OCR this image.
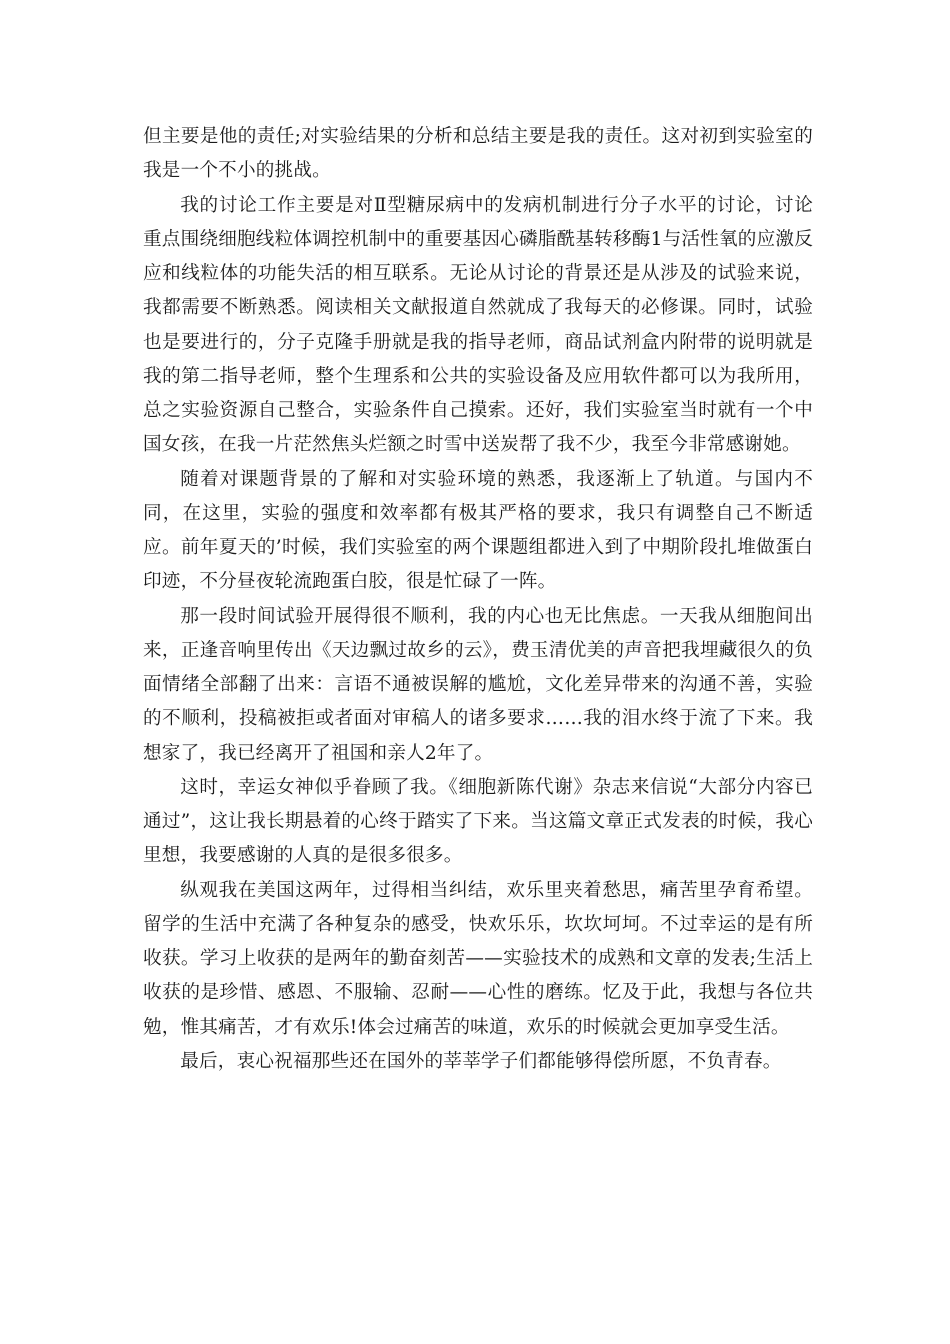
但主要是他的责任;对实验结果的分析和总结主要是我的责任。这对初到实验室的我是一个不小的挑战。

我的讨论工作主要是对Ⅱ型糖尿病中的发病机制进行分子水平的讨论，讨论重点围绕细胞线粒体调控机制中的重要基因心磷脂酰基转移酶1与活性氧的应激反应和线粒体的功能失活的相互联系。无论从讨论的背景还是从涉及的试验来说，我都需要不断熟悉。阅读相关文献报道自然就成了我每天的必修课。同时，试验也是要进行的，分子克隆手册就是我的指导老师，商品试剂盒内附带的说明就是我的第二指导老师，整个生理系和公共的实验设备及应用软件都可以为我所用，总之实验资源自己整合，实验条件自己摸索。还好，我们实验室当时就有一个中国女孩，在我一片茫然焦头烂额之时雪中送炭帮了我不少，我至今非常感谢她。

随着对课题背景的了解和对实验环境的熟悉，我逐渐上了轨道。与国内不同，在这里，实验的强度和效率都有极其严格的要求，我只有调整自己不断适应。前年夏天的’时候，我们实验室的两个课题组都进入到了中期阶段扎堆做蛋白印迹，不分昼夜轮流跑蛋白胶，很是忙碌了一阵。

那一段时间试验开展得很不顺利，我的内心也无比焦虑。一天我从细胞间出来，正逢音响里传出《天边飘过故乡的云》，费玉清优美的声音把我埋藏很久的负面情绪全部翻了出来：言语不通被误解的尴尬，文化差异带来的沟通不善，实验的不顺利，投稿被拒或者面对审稿人的诸多要求……我的泪水终于流了下来。我想家了，我已经离开了祖国和亲人2年了。

这时，幸运女神似乎眷顾了我。《细胞新陈代谢》杂志来信说“大部分内容已通过”，这让我长期悬着的心终于踏实了下来。当这篇文章正式发表的时候，我心里想，我要感谢的人真的是很多很多。

纵观我在美国这两年，过得相当纠结，欢乐里夹着愁思，痛苦里孕育希望。留学的生活中充满了各种复杂的感受，快欢乐乐，坎坎坷坷。不过幸运的是有所收获。学习上收获的是两年的勤奋刻苦——实验技术的成熟和文章的发表;生活上收获的是珍惜、感恩、不服输、忍耐——心性的磨练。忆及于此，我想与各位共勉，惟其痛苦，才有欢乐!体会过痛苦的味道，欢乐的时候就会更加享受生活。

最后，衷心祝福那些还在国外的莘莘学子们都能够得偿所愿，不负青春。
